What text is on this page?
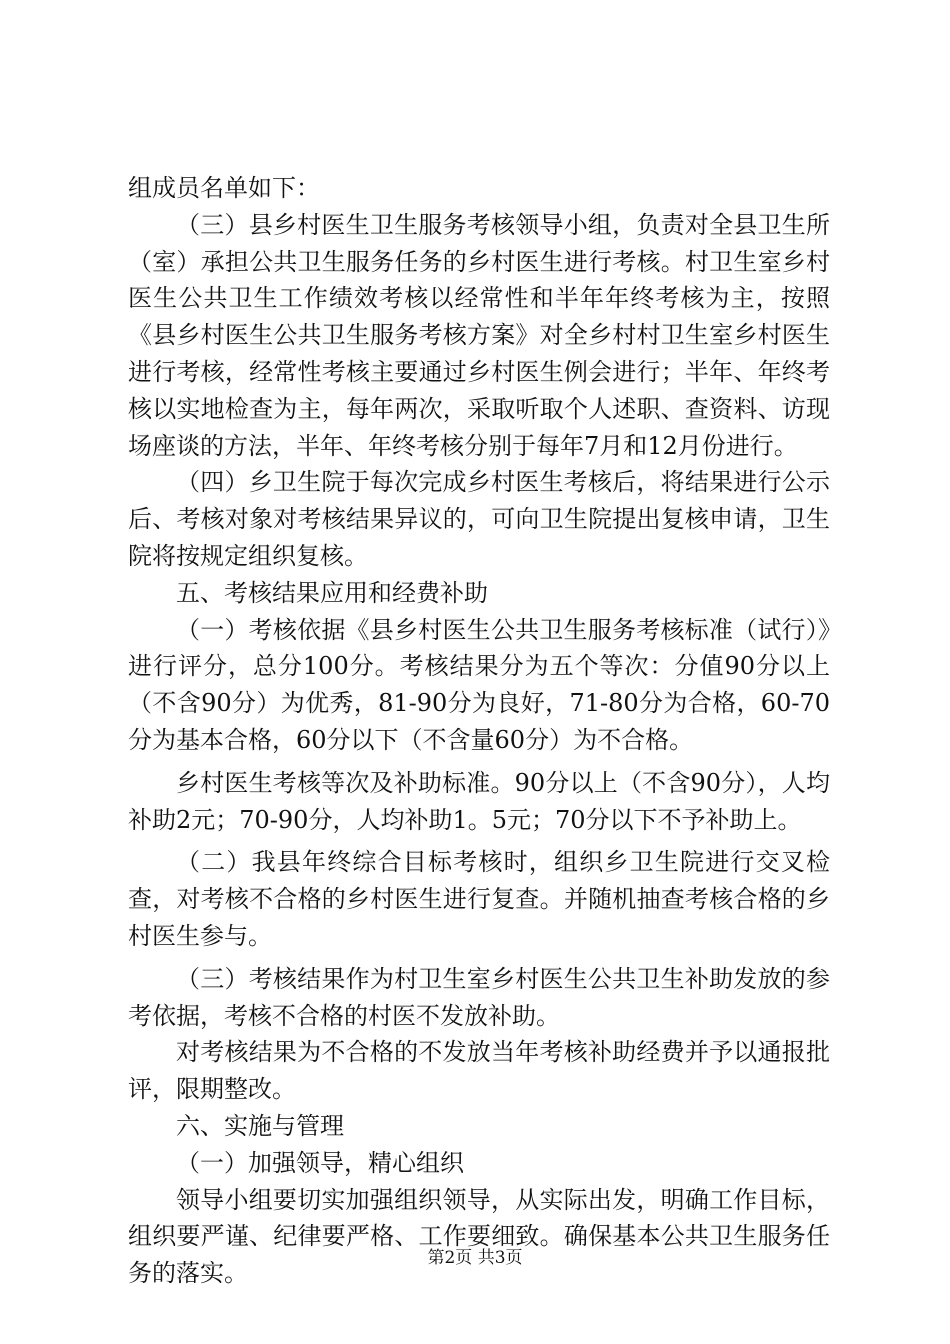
组成员名单如下：

（三）县乡村医生卫生服务考核领导小组，负责对全县卫生所（室）承担公共卫生服务任务的乡村医生进行考核。村卫生室乡村医生公共卫生工作绩效考核以经常性和半年年终考核为主，按照《县乡村医生公共卫生服务考核方案》对全乡村村卫生室乡村医生进行考核，经常性考核主要通过乡村医生例会进行；半年、年终考核以实地检查为主，每年两次，采取听取个人述职、查资料、访现场座谈的方法，半年、年终考核分别于每年7月和12月份进行。

（四）乡卫生院于每次完成乡村医生考核后，将结果进行公示后、考核对象对考核结果异议的，可向卫生院提出复核申请，卫生院将按规定组织复核。

五、考核结果应用和经费补助

（一）考核依据《县乡村医生公共卫生服务考核标准（试行）》进行评分，总分100分。考核结果分为五个等次：分值90分以上（不含90分）为优秀，81-90分为良好，71-80分为合格，60-70分为基本合格，60分以下（不含量60分）为不合格。

乡村医生考核等次及补助标准。90分以上（不含90分），人均补助2元；70-90分，人均补助1。5元；70分以下不予补助上。

（二）我县年终综合目标考核时，组织乡卫生院进行交叉检查，对考核不合格的乡村医生进行复查。并随机抽查考核合格的乡村医生参与。

（三）考核结果作为村卫生室乡村医生公共卫生补助发放的参考依据，考核不合格的村医不发放补助。

对考核结果为不合格的不发放当年考核补助经费并予以通报批评，限期整改。

六、实施与管理

（一）加强领导，精心组织

领导小组要切实加强组织领导，从实际出发，明确工作目标，组织要严谨、纪律要严格、工作要细致。确保基本公共卫生服务任务的落实。

第2页 共3页
